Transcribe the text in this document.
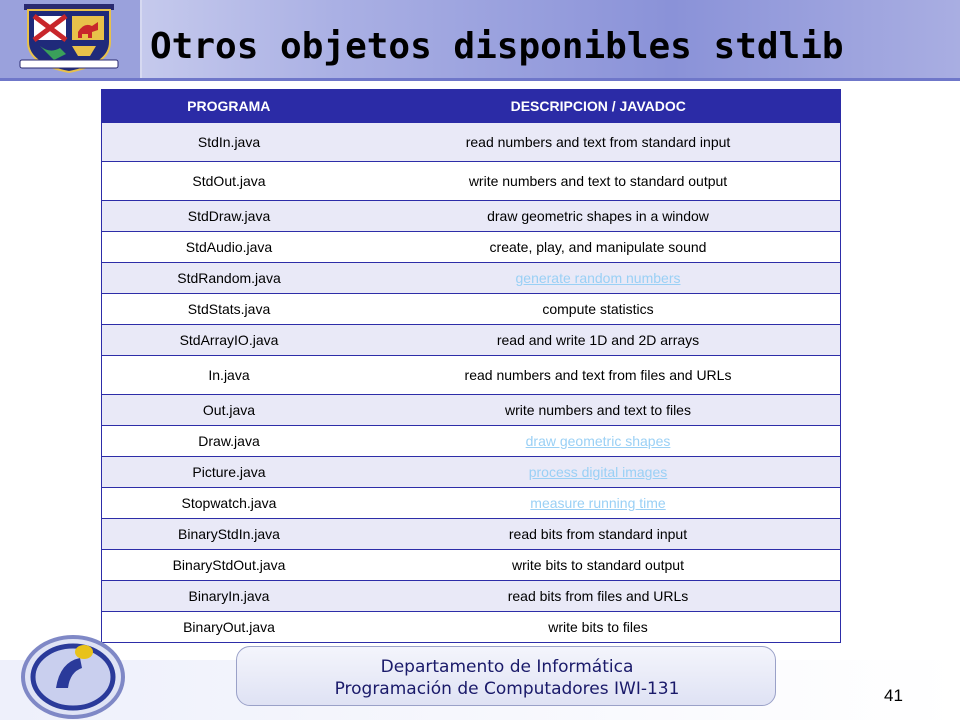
Otros objetos disponibles stdlib
PROGRAMA	DESCRIPCION / JAVADOC
StdIn.java	read numbers and text from standard input
StdOut.java	write numbers and text to standard output
StdDraw.java	draw geometric shapes in a window
StdAudio.java	create, play, and manipulate sound
StdRandom.java	generate random numbers
StdStats.java	compute statistics
StdArrayIO.java	read and write 1D and 2D arrays
In.java	read numbers and text from files and URLs
Out.java	write numbers and text to files
Draw.java	draw geometric shapes
Picture.java	process digital images
Stopwatch.java	measure running time
BinaryStdIn.java	read bits from standard input
BinaryStdOut.java	write bits to standard output
BinaryIn.java	read bits from files and URLs
BinaryOut.java	write bits to files
Departamento de Informática
Programación de Computadores IWI-131	41
